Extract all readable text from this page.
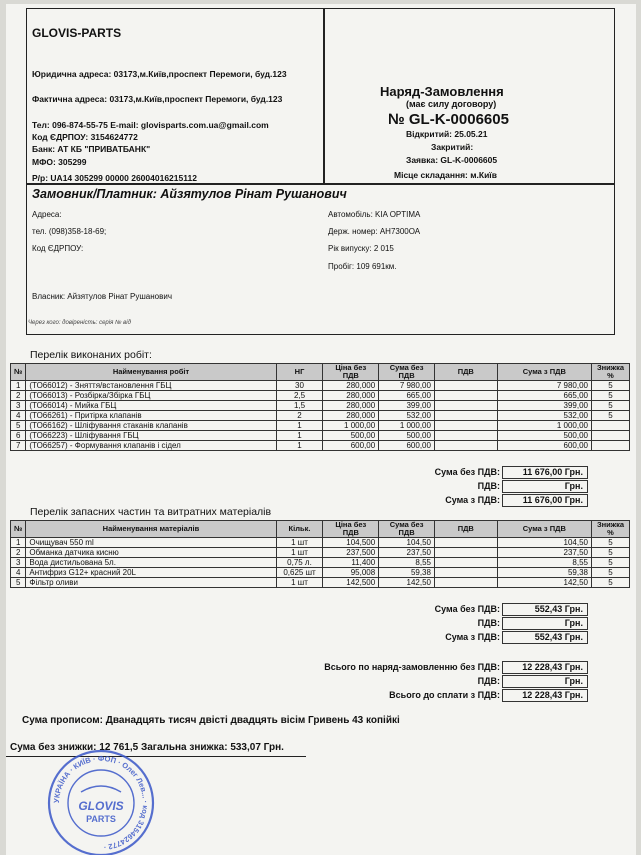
GLOVIS-PARTS
Юридична адреса: 03173,м.Київ,проспект Перемоги, буд.123
Фактична адреса: 03173,м.Київ,проспект Перемоги, буд.123
Тел: 096-874-55-75 E-mail: glovisparts.com.ua@gmail.com
Код ЄДРПОУ: 3154624772
Банк: АТ КБ "ПРИВАТБАНК"
МФО: 305299
Р/р: UA14 305299 00000 26004016215112
Наряд-Замовлення
(має силу договору)
№ GL-K-0006605
Відкритий: 25.05.21
Закритий:
Заявка: GL-K-0006605
Місце складання: м.Київ
Замовник/Платник: Айзятулов Рінат Рушанович
Адреса:
тел. (098)358-18-69;
Код ЄДРПОУ:
Автомобіль: KIA OPTIMA
Держ. номер: АН7300ОА
Рік випуску: 2 015
Пробіг: 109 691км.
Власник: Айзятулов Рінат Рушанович
Через кого: довіреність: серія № від
Перелік виконаних робіт:
№	Найменування робіт	НГ	Ціна без ПДВ	Сума без ПДВ	ПДВ	Сума з ПДВ	Знижка %
1	(ТО66012) - Зняття/встановлення ГБЦ	30	280,000	7 980,00		7 980,00	5
2	(ТО66013) - Розбірка/Збірка ГБЦ	2,5	280,000	665,00		665,00	5
3	(ТО66014) - Мийка ГБЦ	1,5	280,000	399,00		399,00	5
4	(ТО66261) - Притірка клапанів	2	280,000	532,00		532,00	5
5	(ТО66162) - Шліфування стаканів клапанів	1	1 000,00	1 000,00		1 000,00	
6	(ТО66223) - Шліфування ГБЦ	1	500,00	500,00		500,00	
7	(ТО66257) - Формування клапанів і сідел	1	600,00	600,00		600,00	
Сума без ПДВ:	11 676,00 Грн.
ПДВ:	Грн.
Сума з ПДВ:	11 676,00 Грн.
Перелік запасних частин та витратних матеріалів
№	Найменування матеріалів	Кільк.	Ціна без ПДВ	Сума без ПДВ	ПДВ	Сума з ПДВ	Знижка %
1	Очищувач 550 ml	1 шт	104,500	104,50		104,50	5
2	Обманка датчика кисню	1 шт	237,500	237,50		237,50	5
3	Вода дистильована 5л.	0,75 л.	11,400	8,55		8,55	5
4	Антифриз G12+ красний 20L	0,625 шт	95,008	59,38		59,38	5
5	Фільтр оливи	1 шт	142,500	142,50		142,50	5
Сума без ПДВ:	552,43 Грн.
ПДВ:	Грн.
Сума з ПДВ:	552,43 Грн.
Всього по наряд-замовленню без ПДВ:	12 228,43 Грн.
ПДВ:	Грн.
Всього до сплати з ПДВ:	12 228,43 Грн.
Сума прописом: Дванадцять тисяч двісті двадцять вісім Гривень 43 копійкі
Сума без знижки: 12 761,5 Загальна знижка: 533,07 Грн.
УКРАЇНА · КИЇВ · ФОП · Олег Лев... · код 3154624772 ·
GLOVIS
PARTS
